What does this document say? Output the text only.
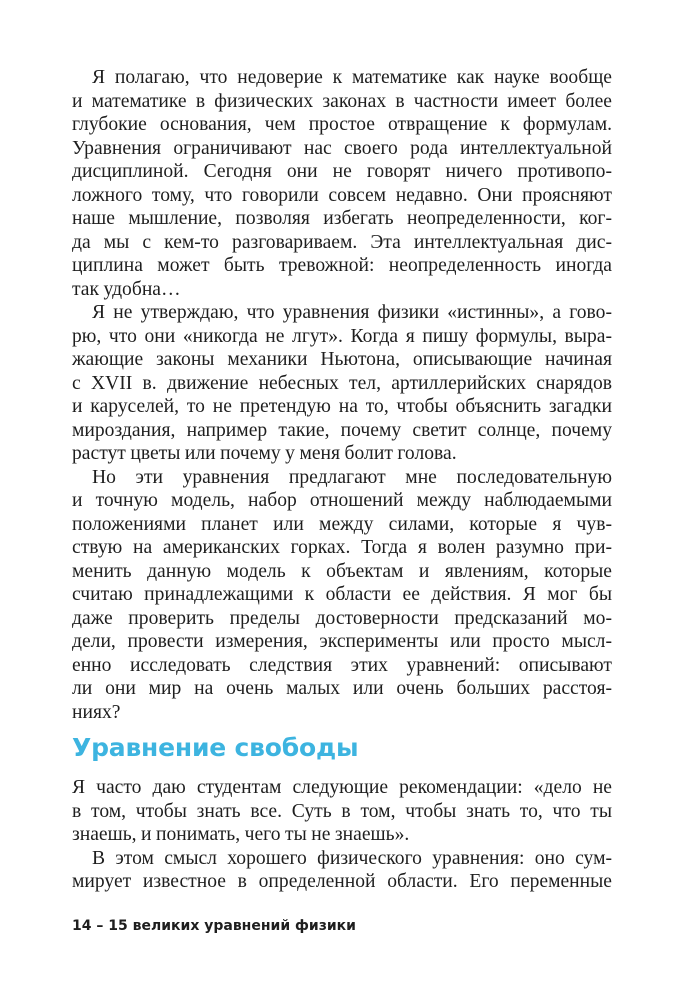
Я полагаю, что недоверие к математике как науке вообще
и математике в физических законах в частности имеет более
глубокие основания, чем простое отвращение к формулам.
Уравнения ограничивают нас своего рода интеллектуальной
дисциплиной. Сегодня они не говорят ничего противопо-
ложного тому, что говорили совсем недавно. Они проясняют
наше мышление, позволяя избегать неопределенности, ког-
да мы с кем-то разговариваем. Эта интеллектуальная дис-
циплина может быть тревожной: неопределенность иногда
так удобна…
Я не утверждаю, что уравнения физики «истинны», а гово-
рю, что они «никогда не лгут». Когда я пишу формулы, выра-
жающие законы механики Ньютона, описывающие начиная
с XVII в. движение небесных тел, артиллерийских снарядов
и каруселей, то не претендую на то, чтобы объяснить загадки
мироздания, например такие, почему светит солнце, почему
растут цветы или почему у меня болит голова.
Но эти уравнения предлагают мне последовательную
и точную модель, набор отношений между наблюдаемыми
положениями планет или между силами, которые я чув-
ствую на американских горках. Тогда я волен разумно при-
менить данную модель к объектам и явлениям, которые
считаю принадлежащими к области ее действия. Я мог бы
даже проверить пределы достоверности предсказаний мо-
дели, провести измерения, эксперименты или просто мысл-
енно исследовать следствия этих уравнений: описывают
ли они мир на очень малых или очень больших расстоя-
ниях?
Уравнение свободы
Я часто даю студентам следующие рекомендации: «дело не
в том, чтобы знать все. Суть в том, чтобы знать то, что ты
знаешь, и понимать, чего ты не знаешь».
В этом смысл хорошего физического уравнения: оно сум-
мирует известное в определенной области. Его переменные
14 – 15 великих уравнений физики
